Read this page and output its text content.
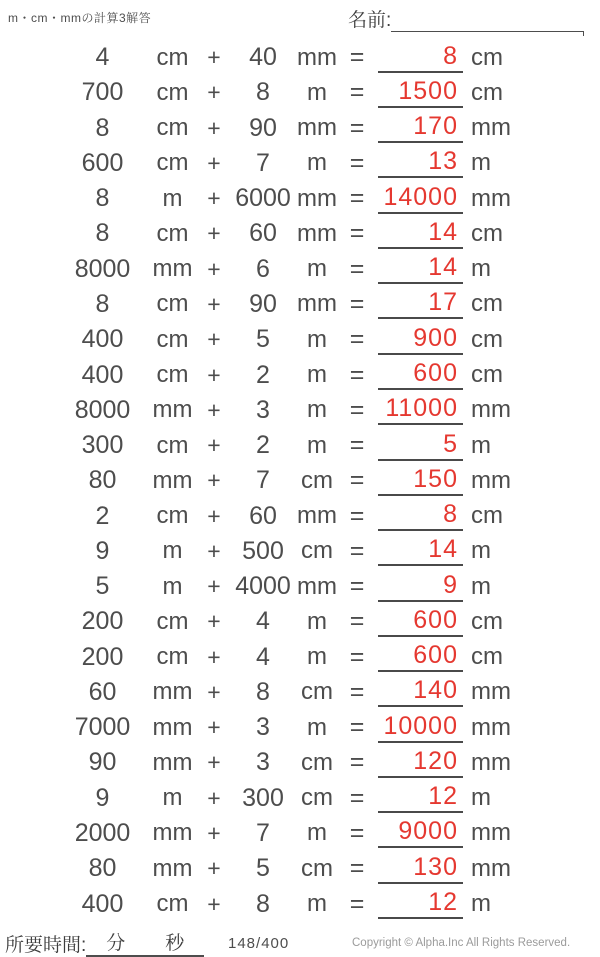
m・cm・mmの計算3解答	名前:
4	cm +	40 mm =	8 cm
700	cm +	8	m =	1500 cm
8	cm +	90 mm =	170 mm
600	cm +	7	m =	13 m
8	m	+ 6000 mm = 14000 mm
8	cm +	60 mm =	14 cm
8000 mm +	6	m =	14 m
8	cm +	90 mm =	17 cm
400	cm +	5	m =	900 cm
400	cm +	2	m =	600 cm
8000 mm +	3	m = 11000 mm
300	cm +	2	m =	5 m
80	mm +	7	cm =	150 mm
2	cm +	60 mm =	8 cm
9	m	+ 500 cm =	14 m
5	m	+ 4000 mm =	9 m
200	cm +	4	m =	600 cm
200	cm +	4	m =	600 cm
60	mm +	8	cm =	140 mm
7000 mm +	3	m = 10000 mm
90	mm +	3	cm =	120 mm
9	m	+ 300 cm =	12 m
2000 mm +	7	m =	9000 mm
80	mm +	5	cm =	130 mm
400	cm +	8	m =	12 m
所要時間: 分 秒	148/400	Copyright © Alpha.Inc All Rights Reserved.
